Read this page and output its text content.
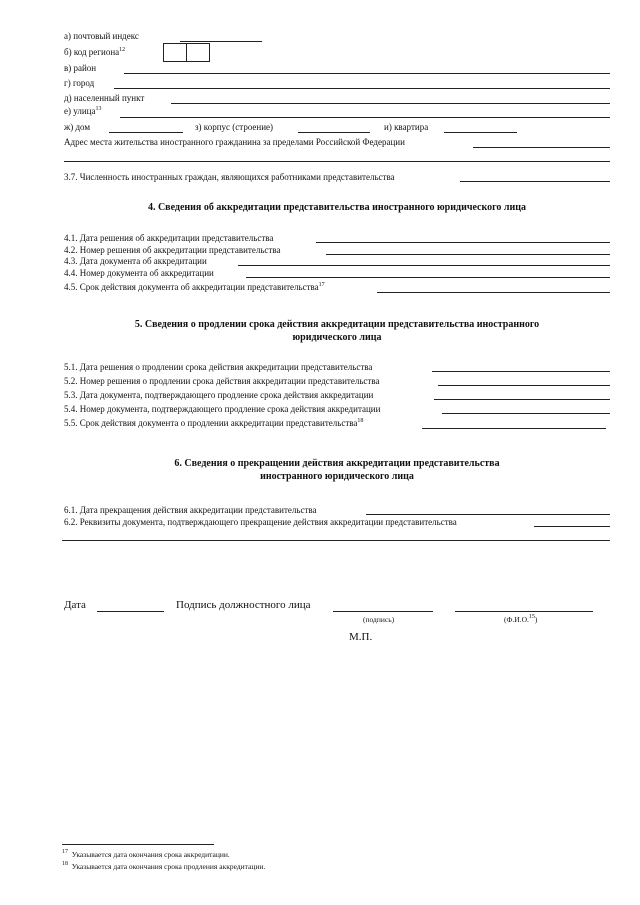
а) почтовый индекс
б) код региона$^{12}$
в) район
г) город
д) населенный пункт
е) улица$^{13}$
ж) дом	з) корпус (строение)	и) квартира
Адрес места жительства иностранного гражданина за пределами Российской Федерации
3.7. Численность иностранных граждан, являющихся работниками представительства
4. Сведения об аккредитации представительства иностранного юридического лица
4.1. Дата решения об аккредитации представительства
4.2. Номер решения об аккредитации представительства
4.3. Дата документа об аккредитации
4.4. Номер документа об аккредитации
4.5. Срок действия документа об аккредитации представительства$^{17}$
5. Сведения о продлении срока действия аккредитации представительства иностранного
юридического лица
5.1. Дата решения о продлении срока действия аккредитации представительства
5.2. Номер решения о продлении срока действия аккредитации представительства
5.3. Дата документа, подтверждающего продление срока действия аккредитации
5.4. Номер документа, подтверждающего продление срока действия аккредитации
5.5. Срок действия документа о продлении аккредитации представительства$^{18}$
6. Сведения о прекращении действия аккредитации представительства
иностранного юридического лица
6.1. Дата прекращения действия аккредитации представительства
6.2. Реквизиты документа, подтверждающего прекращение действия аккредитации представительства
Дата	Подпись должностного лица
(подпись)	(Ф.И.О.$^{15}$)
М.П.
$^{17}$ Указывается дата окончания срока аккредитации.
$^{18}$ Указывается дата окончания срока продления аккредитации.
